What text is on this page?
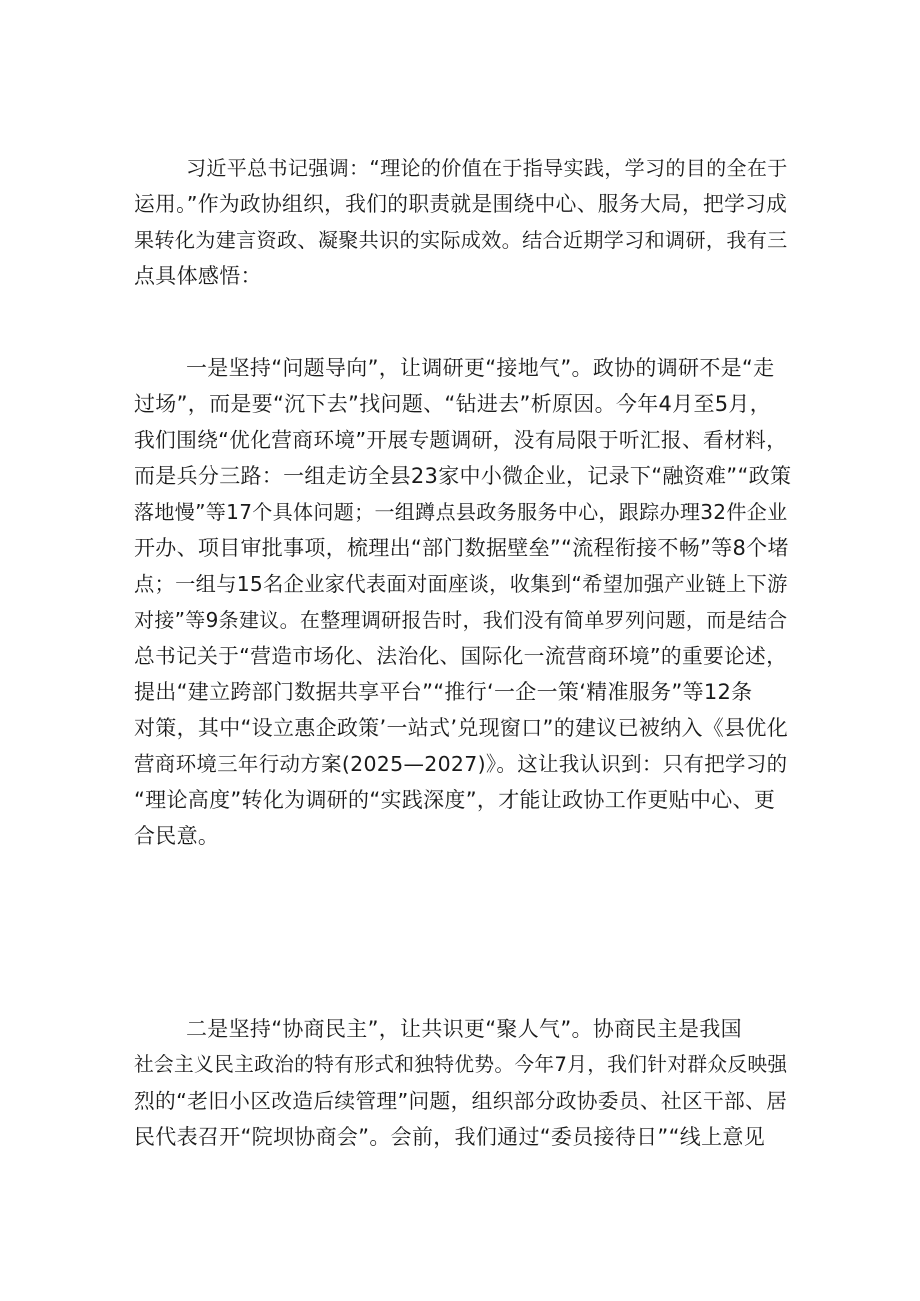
习近平总书记强调：“理论的价值在于指导实践，学习的目的全在于
运用。”作为政协组织，我们的职责就是围绕中心、服务大局，把学习成
果转化为建言资政、凝聚共识的实际成效。结合近期学习和调研，我有三
点具体感悟：
一是坚持“问题导向”，让调研更“接地气”。政协的调研不是“走
过场”，而是要“沉下去”找问题、“钻进去”析原因。今年4月至5月，
我们围绕“优化营商环境”开展专题调研，没有局限于听汇报、看材料，
而是兵分三路：一组走访全县23家中小微企业，记录下“融资难”“政策
落地慢”等17个具体问题；一组蹲点县政务服务中心，跟踪办理32件企业
开办、项目审批事项，梳理出“部门数据壁垒”“流程衔接不畅”等8个堵
点；一组与15名企业家代表面对面座谈，收集到“希望加强产业链上下游
对接”等9条建议。在整理调研报告时，我们没有简单罗列问题，而是结合
总书记关于“营造市场化、法治化、国际化一流营商环境”的重要论述，
提出“建立跨部门数据共享平台”“推行‘一企一策‘精准服务”等12条
对策，其中“设立惠企政策’一站式’兑现窗口”的建议已被纳入《县优化
营商环境三年行动方案(2025—2027)》。这让我认识到：只有把学习的
“理论高度”转化为调研的“实践深度”，才能让政协工作更贴中心、更
合民意。
二是坚持“协商民主”，让共识更“聚人气”。协商民主是我国
社会主义民主政治的特有形式和独特优势。今年7月，我们针对群众反映强
烈的“老旧小区改造后续管理”问题，组织部分政协委员、社区干部、居
民代表召开“院坝协商会”。会前，我们通过“委员接待日”“线上意见
